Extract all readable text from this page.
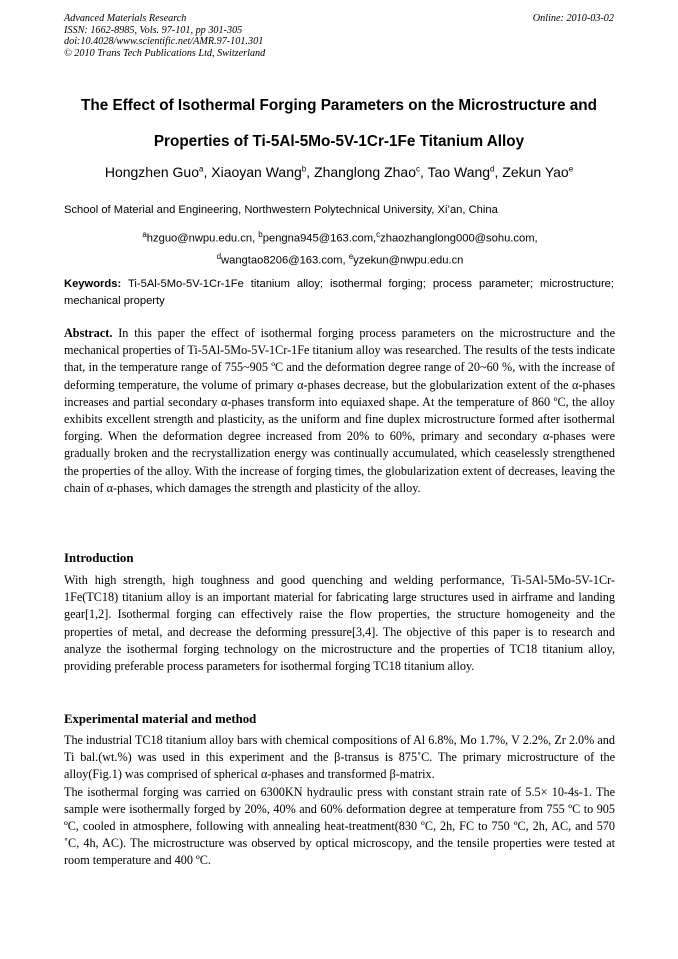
Advanced Materials Research
ISSN: 1662-8985, Vols. 97-101, pp 301-305
doi:10.4028/www.scientific.net/AMR.97-101.301
© 2010 Trans Tech Publications Ltd, Switzerland
Online: 2010-03-02
The Effect of Isothermal Forging Parameters on the Microstructure and
Properties of Ti-5Al-5Mo-5V-1Cr-1Fe Titanium Alloy
Hongzhen Guo$^a$, Xiaoyan Wang$^b$, Zhanglong Zhao$^c$, Tao Wang$^d$, Zekun Yao$^e$
School of Material and Engineering, Northwestern Polytechnical University, Xi’an, China
$^a$hzguo@nwpu.edu.cn, $^b$pengna945@163.com,$^c$zhaozhanglong000@sohu.com,
$^d$wangtao8206@163.com, $^e$yzekun@nwpu.edu.cn
Keywords: Ti-5Al-5Mo-5V-1Cr-1Fe titanium alloy; isothermal forging; process parameter; microstructure; mechanical property
Abstract. In this paper the effect of isothermal forging process parameters on the microstructure and the mechanical properties of Ti-5Al-5Mo-5V-1Cr-1Fe titanium alloy was researched. The results of the tests indicate that, in the temperature range of 755~905 ºC and the deformation degree range of 20~60 %, with the increase of deforming temperature, the volume of primary α-phases decrease, but the globularization extent of the α-phases increases and partial secondary α-phases transform into equiaxed shape. At the temperature of 860 ºC, the alloy exhibits excellent strength and plasticity, as the uniform and fine duplex microstructure formed after isothermal forging. When the deformation degree increased from 20% to 60%, primary and secondary α-phases were gradually broken and the recrystallization energy was continually accumulated, which ceaselessly strengthened the properties of the alloy. With the increase of forging times, the globularization extent of decreases, leaving the chain of α-phases, which damages the strength and plasticity of the alloy.
Introduction

With high strength, high toughness and good quenching and welding performance, Ti-5Al-5Mo-5V-1Cr-1Fe(TC18) titanium alloy is an important material for fabricating large structures used in airframe and landing gear[1,2]. Isothermal forging can effectively raise the flow properties, the structure homogeneity and the properties of metal, and decrease the deforming pressure[3,4]. The objective of this paper is to research and analyze the isothermal forging technology on the microstructure and the properties of TC18 titanium alloy, providing preferable process parameters for isothermal forging TC18 titanium alloy.

Experimental material and method

The industrial TC18 titanium alloy bars with chemical compositions of Al 6.8%, Mo 1.7%, V 2.2%, Zr 2.0% and Ti bal.(wt.%) was used in this experiment and the β-transus is 875˚C. The primary microstructure of the alloy(Fig.1) was comprised of spherical α-phases and transformed β-matrix.

The isothermal forging was carried on 6300KN hydraulic press with constant strain rate of 5.5× 10-4s-1. The sample were isothermally forged by 20%, 40% and 60% deformation degree at temperature from 755 ºC to 905 ºC, cooled in atmosphere, following with annealing heat-treatment(830 ºC, 2h, FC to 750 ºC, 2h, AC, and 570 ˚C, 4h, AC). The microstructure was observed by optical microscopy, and the tensile properties were tested at room temperature and 400 ºC.
